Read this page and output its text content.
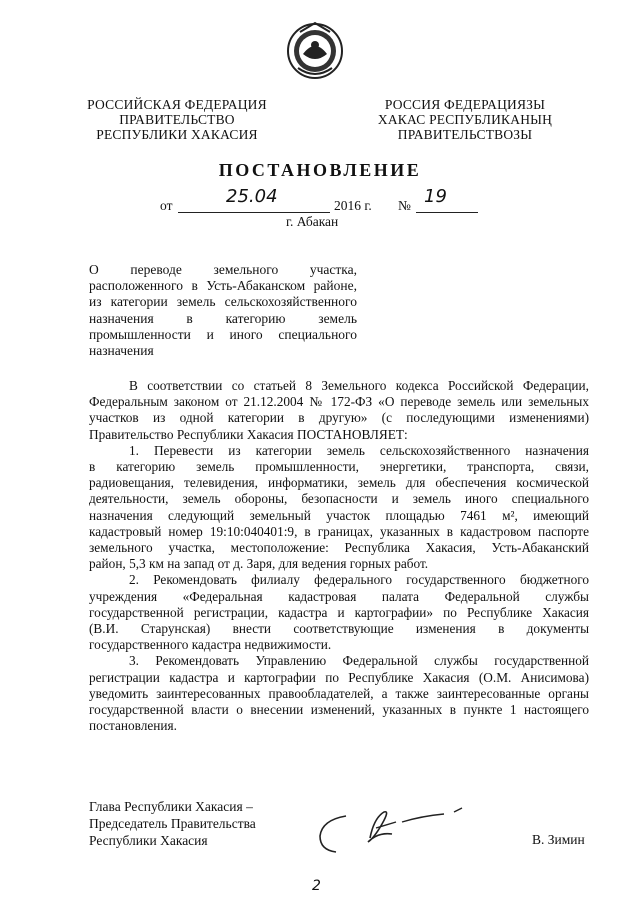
РОССИЙСКАЯ ФЕДЕРАЦИЯ
ПРАВИТЕЛЬСТВО
РЕСПУБЛИКИ ХАКАСИЯ
РОССИЯ ФЕДЕРАЦИЯЗЫ
ХАКАС РЕСПУБЛИКАНЫҢ
ПРАВИТЕЛЬСТВОЗЫ
ПОСТАНОВЛЕНИЕ
от	25.04	2016 г. № 19
г. Абакан
О переводе земельного участка,
расположенного в Усть-Абаканском районе,
из категории земель сельскохозяйственного
назначения в категорию земель
промышленности и иного специального
назначения
В соответствии со статьей 8 Земельного кодекса Российской Федерации,
Федеральным законом от 21.12.2004 № 172-ФЗ «О переводе земель или земельных
участков из одной категории в другую» (с последующими изменениями)
Правительство Республики Хакасия ПОСТАНОВЛЯЕТ:
1. Перевести из категории земель сельскохозяйственного назначения
в категорию земель промышленности, энергетики, транспорта, связи,
радиовещания, телевидения, информатики, земель для обеспечения космической
деятельности, земель обороны, безопасности и земель иного специального
назначения следующий земельный участок площадью 7461 м², имеющий
кадастровый номер 19:10:040401:9, в границах, указанных в кадастровом паспорте
земельного участка, местоположение: Республика Хакасия, Усть-Абаканский
район, 5,3 км на запад от д. Заря, для ведения горных работ.
2. Рекомендовать филиалу федерального государственного бюджетного
учреждения «Федеральная кадастровая палата Федеральной службы
государственной регистрации, кадастра и картографии» по Республике Хакасия
(В.И. Старунская) внести соответствующие изменения в документы
государственного кадастра недвижимости.
3. Рекомендовать Управлению Федеральной службы государственной
регистрации кадастра и картографии по Республике Хакасия (О.М. Анисимова)
уведомить заинтересованных правообладателей, а также заинтересованные органы
государственной власти о внесении изменений, указанных в пункте 1 настоящего
постановления.
Глава Республики Хакасия –
Председатель Правительства
Республики Хакасия	В. Зимин
2
